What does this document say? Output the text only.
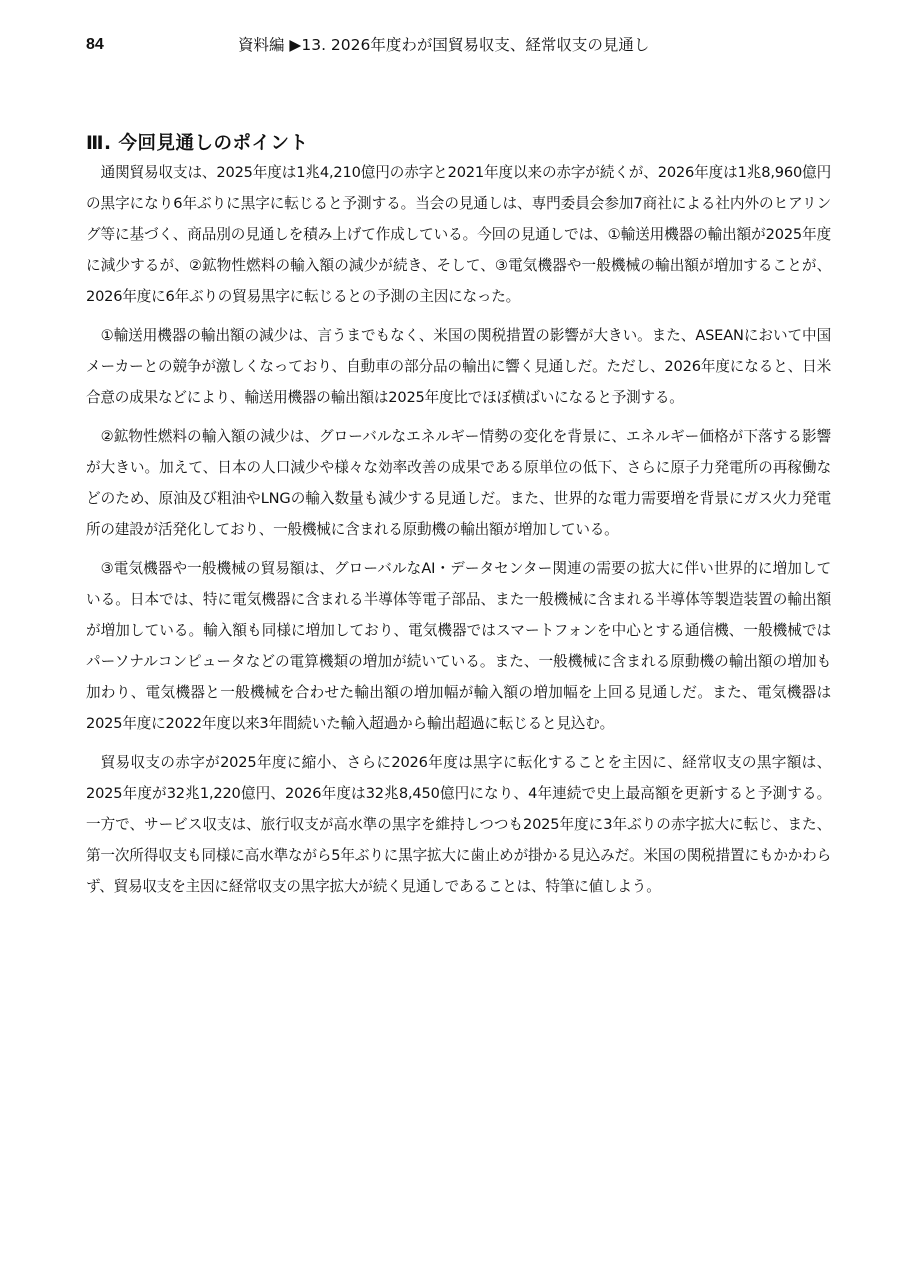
84	資料編 ▶13. 2026年度わが国貿易収支、経常収支の見通し
Ⅲ. 今回見通しのポイント

通関貿易収支は、2025年度は1兆4,210億円の赤字と2021年度以来の赤字が続くが、2026年度は1兆8,960億円の黒字になり6年ぶりに黒字に転じると予測する。当会の見通しは、専門委員会参加7商社による社内外のヒアリング等に基づく、商品別の見通しを積み上げて作成している。今回の見通しでは、①輸送用機器の輸出額が2025年度に減少するが、②鉱物性燃料の輸入額の減少が続き、そして、③電気機器や一般機械の輸出額が増加することが、2026年度に6年ぶりの貿易黒字に転じるとの予測の主因になった。

①輸送用機器の輸出額の減少は、言うまでもなく、米国の関税措置の影響が大きい。また、ASEANにおいて中国メーカーとの競争が激しくなっており、自動車の部分品の輸出に響く見通しだ。ただし、2026年度になると、日米合意の成果などにより、輸送用機器の輸出額は2025年度比でほぼ横ばいになると予測する。

②鉱物性燃料の輸入額の減少は、グローバルなエネルギー情勢の変化を背景に、エネルギー価格が下落する影響が大きい。加えて、日本の人口減少や様々な効率改善の成果である原単位の低下、さらに原子力発電所の再稼働などのため、原油及び粗油やLNGの輸入数量も減少する見通しだ。また、世界的な電力需要増を背景にガス火力発電所の建設が活発化しており、一般機械に含まれる原動機の輸出額が増加している。

③電気機器や一般機械の貿易額は、グローバルなAI・データセンター関連の需要の拡大に伴い世界的に増加している。日本では、特に電気機器に含まれる半導体等電子部品、また一般機械に含まれる半導体等製造装置の輸出額が増加している。輸入額も同様に増加しており、電気機器ではスマートフォンを中心とする通信機、一般機械ではパーソナルコンピュータなどの電算機類の増加が続いている。また、一般機械に含まれる原動機の輸出額の増加も加わり、電気機器と一般機械を合わせた輸出額の増加幅が輸入額の増加幅を上回る見通しだ。また、電気機器は2025年度に2022年度以来3年間続いた輸入超過から輸出超過に転じると見込む。

貿易収支の赤字が2025年度に縮小、さらに2026年度は黒字に転化することを主因に、経常収支の黒字額は、2025年度が32兆1,220億円、2026年度は32兆8,450億円になり、4年連続で史上最高額を更新すると予測する。一方で、サービス収支は、旅行収支が高水準の黒字を維持しつつも2025年度に3年ぶりの赤字拡大に転じ、また、第一次所得収支も同様に高水準ながら5年ぶりに黒字拡大に歯止めが掛かる見込みだ。米国の関税措置にもかかわらず、貿易収支を主因に経常収支の黒字拡大が続く見通しであることは、特筆に値しよう。
